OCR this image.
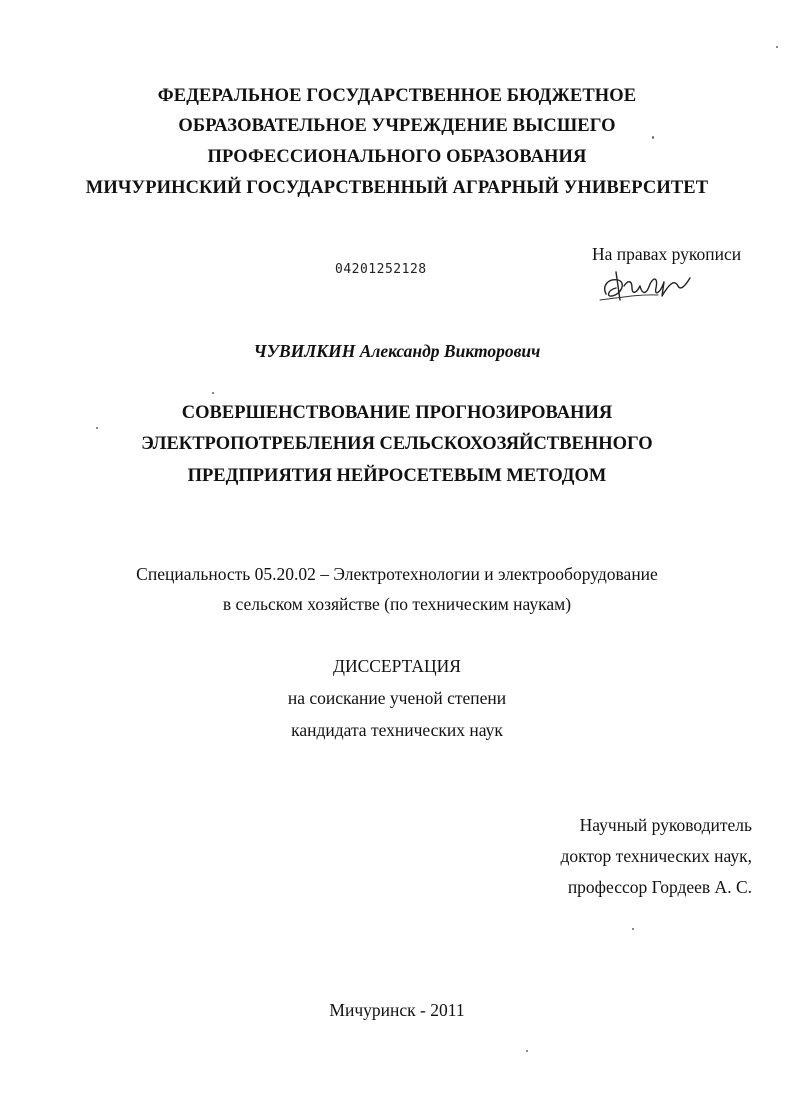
ФЕДЕРАЛЬНОЕ ГОСУДАРСТВЕННОЕ БЮДЖЕТНОЕ
ОБРАЗОВАТЕЛЬНОЕ УЧРЕЖДЕНИЕ ВЫСШЕГО
ПРОФЕССИОНАЛЬНОГО ОБРАЗОВАНИЯ
МИЧУРИНСКИЙ ГОСУДАРСТВЕННЫЙ АГРАРНЫЙ УНИВЕРСИТЕТ
04201252128
На правах рукописи
ЧУВИЛКИН Александр Викторович
СОВЕРШЕНСТВОВАНИЕ ПРОГНОЗИРОВАНИЯ
ЭЛЕКТРОПОТРЕБЛЕНИЯ СЕЛЬСКОХОЗЯЙСТВЕННОГО
ПРЕДПРИЯТИЯ НЕЙРОСЕТЕВЫМ МЕТОДОМ
Специальность 05.20.02 – Электротехнологии и электрооборудование
в сельском хозяйстве (по техническим наукам)
ДИССЕРТАЦИЯ
на соискание ученой степени
кандидата технических наук
Научный руководитель
доктор технических наук,
профессор Гордеев А. С.
Мичуринск - 2011
